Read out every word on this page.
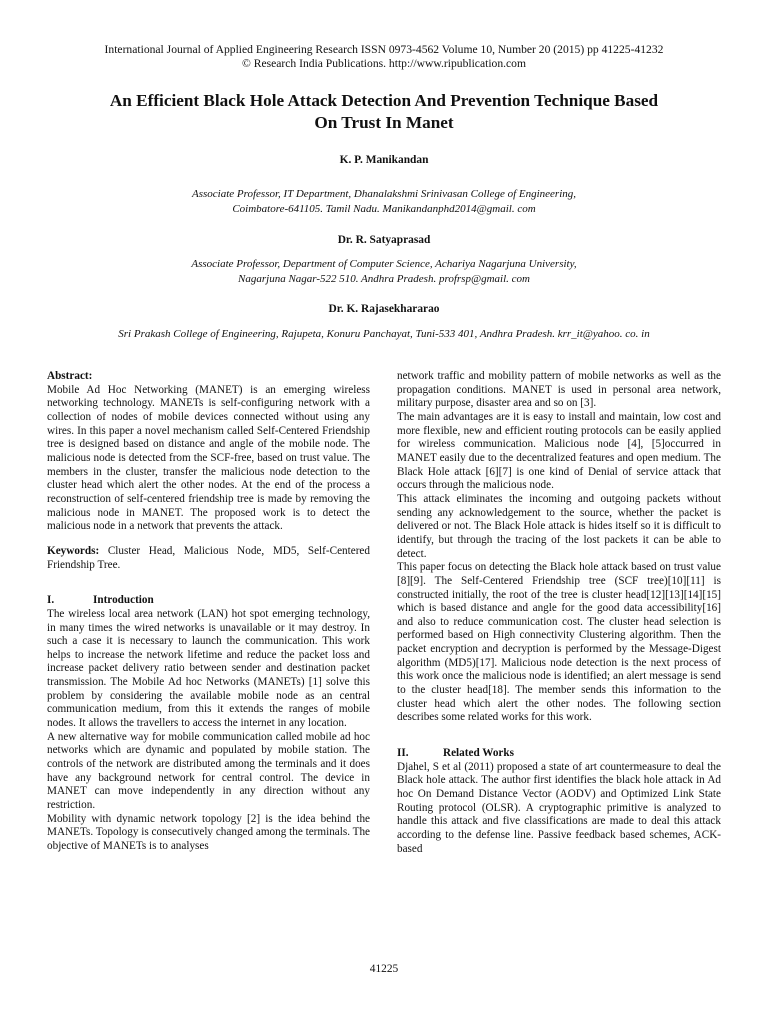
International Journal of Applied Engineering Research ISSN 0973-4562 Volume 10, Number 20 (2015) pp 41225-41232
© Research India Publications. http://www.ripublication.com
An Efficient Black Hole Attack Detection And Prevention Technique Based
On Trust In Manet
K. P. Manikandan
Associate Professor, IT Department, Dhanalakshmi Srinivasan College of Engineering,
Coimbatore-641105. Tamil Nadu. Manikandanphd2014@gmail. com
Dr. R. Satyaprasad
Associate Professor, Department of Computer Science, Achariya Nagarjuna University,
Nagarjuna Nagar-522 510. Andhra Pradesh. profrsp@gmail. com
Dr. K. Rajasekhararao
Sri Prakash College of Engineering, Rajupeta, Konuru Panchayat, Tuni-533 401, Andhra Pradesh. krr_it@yahoo. co. in

Abstract:

Mobile Ad Hoc Networking (MANET) is an emerging wireless networking technology. MANETs is self-configuring network with a collection of nodes of mobile devices connected without using any wires. In this paper a novel mechanism called Self-Centered Friendship tree is designed based on distance and angle of the mobile node. The malicious node is detected from the SCF-free, based on trust value. The members in the cluster, transfer the malicious node detection to the cluster head which alert the other nodes. At the end of the process a reconstruction of self-centered friendship tree is made by removing the malicious node in MANET. The proposed work is to detect the malicious node in a network that prevents the attack.

Keywords: Cluster Head, Malicious Node, MD5, Self-Centered Friendship Tree.

I.	Introduction

The wireless local area network (LAN) hot spot emerging technology, in many times the wired networks is unavailable or it may destroy. In such a case it is necessary to launch the communication. This work helps to increase the network lifetime and reduce the packet loss and increase packet delivery ratio between sender and destination packet transmission. The Mobile Ad hoc Networks (MANETs) [1] solve this problem by considering the available mobile node as an central communication medium, from this it extends the ranges of mobile nodes. It allows the travellers to access the internet in any location.

A new alternative way for mobile communication called mobile ad hoc networks which are dynamic and populated by mobile station. The controls of the network are distributed among the terminals and it does have any background network for central control. The device in MANET can move independently in any direction without any restriction.

Mobility with dynamic network topology [2] is the idea behind the MANETs. Topology is consecutively changed among the terminals. The objective of MANETs is to analyses

network traffic and mobility pattern of mobile networks as well as the propagation conditions. MANET is used in personal area network, military purpose, disaster area and so on [3].

The main advantages are it is easy to install and maintain, low cost and more flexible, new and efficient routing protocols can be easily applied for wireless communication. Malicious node [4], [5]occurred in MANET easily due to the decentralized features and open medium. The Black Hole attack [6][7] is one kind of Denial of service attack that occurs through the malicious node.

This attack eliminates the incoming and outgoing packets without sending any acknowledgement to the source, whether the packet is delivered or not. The Black Hole attack is hides itself so it is difficult to identify, but through the tracing of the lost packets it can be able to detect.

This paper focus on detecting the Black hole attack based on trust value [8][9]. The Self-Centered Friendship tree (SCF tree)[10][11] is constructed initially, the root of the tree is cluster head[12][13][14][15] which is based distance and angle for the good data accessibility[16] and also to reduce communication cost. The cluster head selection is performed based on High connectivity Clustering algorithm. Then the packet encryption and decryption is performed by the Message-Digest algorithm (MD5)[17]. Malicious node detection is the next process of this work once the malicious node is identified; an alert message is send to the cluster head[18]. The member sends this information to the cluster head which alert the other nodes. The following section describes some related works for this work.

II.	Related Works

Djahel, S et al (2011) proposed a state of art countermeasure to deal the Black hole attack. The author first identifies the black hole attack in Ad hoc On Demand Distance Vector (AODV) and Optimized Link State Routing protocol (OLSR). A cryptographic primitive is analyzed to handle this attack and five classifications are made to deal this attack according to the defense line. Passive feedback based schemes, ACK-based

41225
